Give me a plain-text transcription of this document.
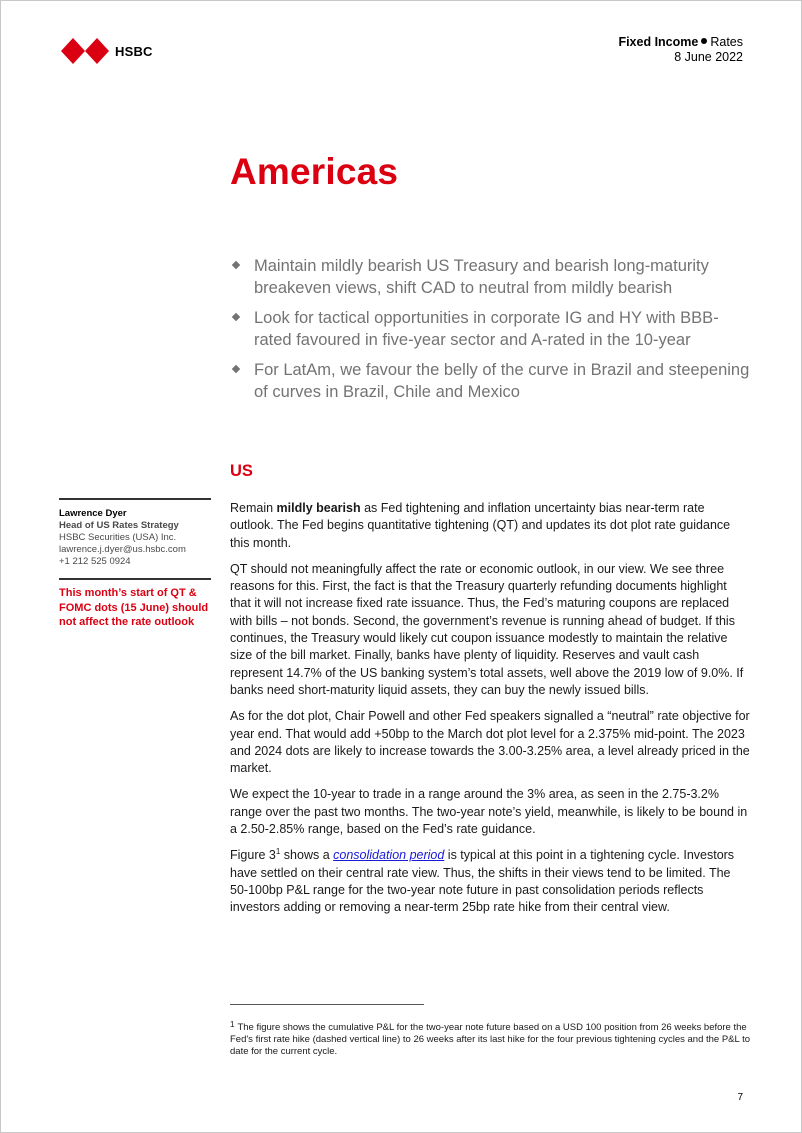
HSBC
Fixed Income Rates
8 June 2022
Americas
Maintain mildly bearish US Treasury and bearish long-maturity breakeven views, shift CAD to neutral from mildly bearish
Look for tactical opportunities in corporate IG and HY with BBB-rated favoured in five-year sector and A-rated in the 10-year
For LatAm, we favour the belly of the curve in Brazil and steepening of curves in Brazil, Chile and Mexico
US
Lawrence Dyer
Head of US Rates Strategy
HSBC Securities (USA) Inc.
lawrence.j.dyer@us.hsbc.com
+1 212 525 0924
This month’s start of QT & FOMC dots (15 June) should not affect the rate outlook

Remain mildly bearish as Fed tightening and inflation uncertainty bias near-term rate outlook. The Fed begins quantitative tightening (QT) and updates its dot plot rate guidance this month.

QT should not meaningfully affect the rate or economic outlook, in our view. We see three reasons for this. First, the fact is that the Treasury quarterly refunding documents highlight that it will not increase fixed rate issuance. Thus, the Fed’s maturing coupons are replaced with bills – not bonds. Second, the government’s revenue is running ahead of budget. If this continues, the Treasury would likely cut coupon issuance modestly to maintain the relative size of the bill market. Finally, banks have plenty of liquidity. Reserves and vault cash represent 14.7% of the US banking system’s total assets, well above the 2019 low of 9.0%. If banks need short-maturity liquid assets, they can buy the newly issued bills.

As for the dot plot, Chair Powell and other Fed speakers signalled a “neutral” rate objective for year end. That would add +50bp to the March dot plot level for a 2.375% mid-point. The 2023 and 2024 dots are likely to increase towards the 3.00-3.25% area, a level already priced in the market.

We expect the 10-year to trade in a range around the 3% area, as seen in the 2.75-3.2% range over the past two months. The two-year note’s yield, meanwhile, is likely to be bound in a 2.50-2.85% range, based on the Fed’s rate guidance.

Figure $3^1$ shows a consolidation period is typical at this point in a tightening cycle. Investors have settled on their central rate view. Thus, the shifts in their views tend to be limited. The 50-100bp P&L range for the two-year note future in past consolidation periods reflects investors adding or removing a near-term 25bp rate hike from their central view.

$^1$ The figure shows the cumulative P&L for the two-year note future based on a USD 100 position from 26 weeks before the Fed's first rate hike (dashed vertical line) to 26 weeks after its last hike for the four previous tightening cycles and the P&L to date for the current cycle.
7
